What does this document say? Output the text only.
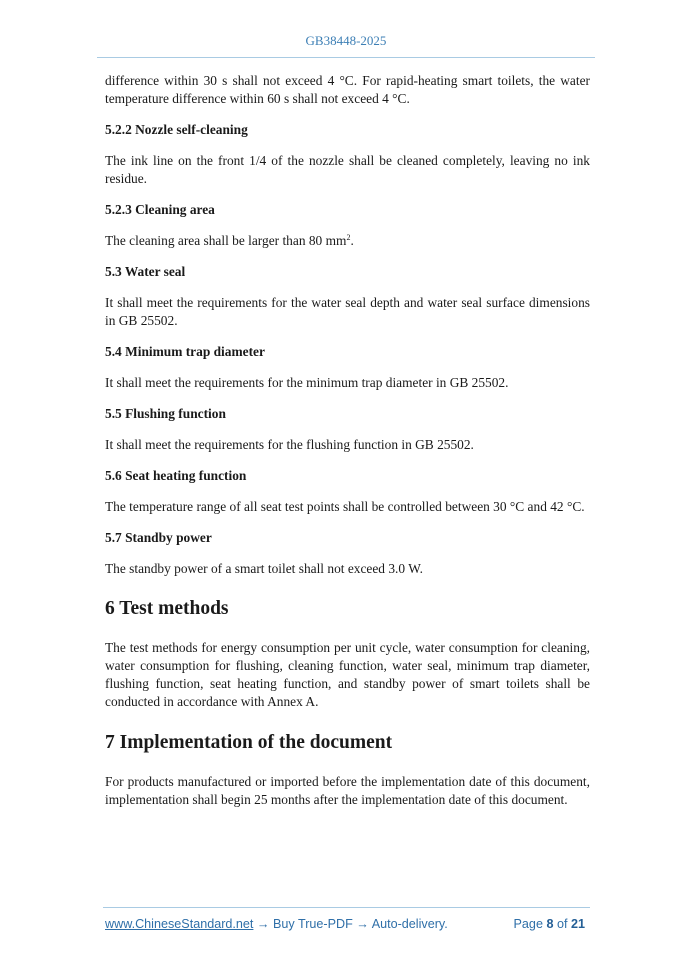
GB38448-2025

difference within 30 s shall not exceed 4 °C. For rapid-heating smart toilets, the water temperature difference within 60 s shall not exceed 4 °C.

5.2.2 Nozzle self-cleaning

The ink line on the front 1/4 of the nozzle shall be cleaned completely, leaving no ink residue.

5.2.3 Cleaning area

The cleaning area shall be larger than 80 $mm^2$.

5.3 Water seal

It shall meet the requirements for the water seal depth and water seal surface dimensions in GB 25502.

5.4 Minimum trap diameter

It shall meet the requirements for the minimum trap diameter in GB 25502.

5.5 Flushing function

It shall meet the requirements for the flushing function in GB 25502.

5.6 Seat heating function

The temperature range of all seat test points shall be controlled between 30 °C and 42 °C.

5.7 Standby power

The standby power of a smart toilet shall not exceed 3.0 W.

6 Test methods

The test methods for energy consumption per unit cycle, water consumption for cleaning, water consumption for flushing, cleaning function, water seal, minimum trap diameter, flushing function, seat heating function, and standby power of smart toilets shall be conducted in accordance with Annex A.

7 Implementation of the document

For products manufactured or imported before the implementation date of this document, implementation shall begin 25 months after the implementation date of this document.

www.ChineseStandard.net → Buy True-PDF → Auto-delivery.	Page 8 of 21
